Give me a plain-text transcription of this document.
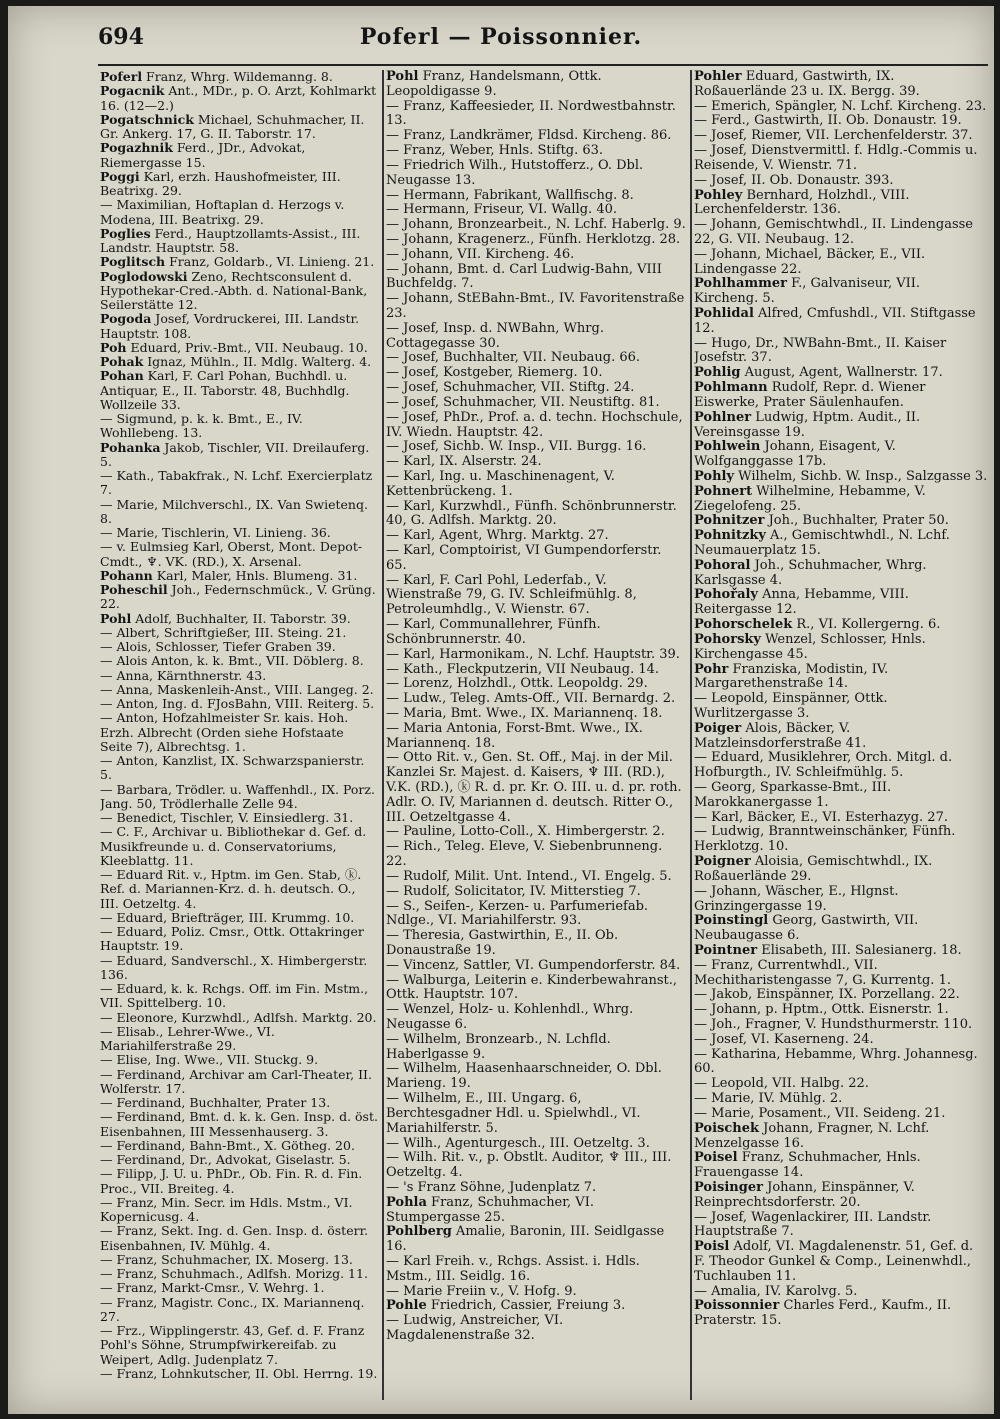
694	Poferl — Poissonnier.

Poferl Franz, Whrg. Wildemanng. 8.

Pogacnik Ant., MDr., p. O. Arzt, Kohlmarkt 16. (12—2.)

Pogatschnick Michael, Schuhmacher, II. Gr. Ankerg. 17, G. II. Taborstr. 17.

Pogazhnik Ferd., JDr., Advokat, Riemergasse 15.

Poggi Karl, erzh. Haushofmeister, III. Beatrixg. 29.

— Maximilian, Hoftaplan d. Herzogs v. Modena, III. Beatrixg. 29.

Poglies Ferd., Hauptzollamts-Assist., III. Landstr. Hauptstr. 58.

Poglitsch Franz, Goldarb., VI. Linieng. 21.

Poglodowski Zeno, Rechtsconsulent d. Hypothekar-Cred.-Abth. d. National-Bank, Seilerstätte 12.

Pogoda Josef, Vordruckerei, III. Landstr. Hauptstr. 108.

Poh Eduard, Priv.-Bmt., VII. Neubaug. 10.

Pohak Ignaz, Mühln., II. Mdlg. Walterg. 4.

Pohan Karl, F. Carl Pohan, Buchhdl. u. Antiquar, E., II. Taborstr. 48, Buchhdlg. Wollzeile 33.

— Sigmund, p. k. k. Bmt., E., IV. Wohllebeng. 13.

Pohanka Jakob, Tischler, VII. Dreilauferg. 5.

— Kath., Tabakfrak., N. Lchf. Exercierplatz 7.

— Marie, Milchverschl., IX. Van Swietenq. 8.

— Marie, Tischlerin, VI. Linieng. 36.

— v. Eulmsieg Karl, Oberst, Mont. Depot-Cmdt., ♆. VK. (RD.), X. Arsenal.

Pohann Karl, Maler, Hnls. Blumeng. 31.

Poheschil Joh., Federnschmück., V. Grüng. 22.

Pohl Adolf, Buchhalter, II. Taborstr. 39.

— Albert, Schriftgießer, III. Steing. 21.

— Alois, Schlosser, Tiefer Graben 39.

— Alois Anton, k. k. Bmt., VII. Döblerg. 8.

— Anna, Kärnthnerstr. 43.

— Anna, Maskenleih-Anst., VIII. Langeg. 2.

— Anton, Ing. d. FJosBahn, VIII. Reiterg. 5.

— Anton, Hofzahlmeister Sr. kais. Hoh. Erzh. Albrecht (Orden siehe Hofstaate Seite 7), Albrechtsg. 1.

— Anton, Kanzlist, IX. Schwarzspanierstr. 5.

— Barbara, Trödler. u. Waffenhdl., IX. Porz. Jang. 50, Trödlerhalle Zelle 94.

— Benedict, Tischler, V. Einsiedlerg. 31.

— C. F., Archivar u. Bibliothekar d. Gef. d. Musikfreunde u. d. Conservatoriums, Kleeblattg. 11.

— Eduard Rit. v., Hptm. im Gen. Stab, ⓚ. Ref. d. Mariannen-Krz. d. h. deutsch. O., III. Oetzeltg. 4.

— Eduard, Briefträger, III. Krummg. 10.

— Eduard, Poliz. Cmsr., Ottk. Ottakringer Hauptstr. 19.

— Eduard, Sandverschl., X. Himbergerstr. 136.

— Eduard, k. k. Rchgs. Off. im Fin. Mstm., VII. Spittelberg. 10.

— Eleonore, Kurzwhdl., Adlfsh. Marktg. 20.

— Elisab., Lehrer-Wwe., VI. Mariahilferstraße 29.

— Elise, Ing. Wwe., VII. Stuckg. 9.

— Ferdinand, Archivar am Carl-Theater, II. Wolferstr. 17.

— Ferdinand, Buchhalter, Prater 13.

— Ferdinand, Bmt. d. k. k. Gen. Insp. d. öst. Eisenbahnen, III Messenhauserg. 3.

— Ferdinand, Bahn-Bmt., X. Götheg. 20.

— Ferdinand, Dr., Advokat, Giselastr. 5.

— Filipp, J. U. u. PhDr., Ob. Fin. R. d. Fin. Proc., VII. Breiteg. 4.

— Franz, Min. Secr. im Hdls. Mstm., VI. Kopernicusg. 4.

— Franz, Sekt. Ing. d. Gen. Insp. d. österr. Eisenbahnen, IV. Mühlg. 4.

— Franz, Schuhmacher, IX. Moserg. 13.

— Franz, Schuhmach., Adlfsh. Morizg. 11.

— Franz, Markt-Cmsr., V. Wehrg. 1.

— Franz, Magistr. Conc., IX. Mariannenq. 27.

— Frz., Wipplingerstr. 43, Gef. d. F. Franz Pohl's Söhne, Strumpfwirkereifab. zu Weipert, Adlg. Judenplatz 7.

— Franz, Lohnkutscher, II. Obl. Herrng. 19.

Pohl Franz, Handelsmann, Ottk. Leopoldigasse 9.

— Franz, Kaffeesieder, II. Nordwestbahnstr. 13.

— Franz, Landkrämer, Fldsd. Kircheng. 86.

— Franz, Weber, Hnls. Stiftg. 63.

— Friedrich Wilh., Hutstofferz., O. Dbl. Neugasse 13.

— Hermann, Fabrikant, Wallfischg. 8.

— Hermann, Friseur, VI. Wallg. 40.

— Johann, Bronzearbeit., N. Lchf. Haberlg. 9.

— Johann, Kragenerz., Fünfh. Herklotzg. 28.

— Johann, VII. Kircheng. 46.

— Johann, Bmt. d. Carl Ludwig-Bahn, VIII Buchfeldg. 7.

— Johann, StEBahn-Bmt., IV. Favoritenstraße 23.

— Josef, Insp. d. NWBahn, Whrg. Cottagegasse 30.

— Josef, Buchhalter, VII. Neubaug. 66.

— Josef, Kostgeber, Riemerg. 10.

— Josef, Schuhmacher, VII. Stiftg. 24.

— Josef, Schuhmacher, VII. Neustiftg. 81.

— Josef, PhDr., Prof. a. d. techn. Hochschule, IV. Wiedn. Hauptstr. 42.

— Josef, Sichb. W. Insp., VII. Burgg. 16.

— Karl, IX. Alserstr. 24.

— Karl, Ing. u. Maschinenagent, V. Kettenbrückeng. 1.

— Karl, Kurzwhdl., Fünfh. Schönbrunnerstr. 40, G. Adlfsh. Marktg. 20.

— Karl, Agent, Whrg. Marktg. 27.

— Karl, Comptoirist, VI Gumpendorferstr. 65.

— Karl, F. Carl Pohl, Lederfab., V. Wienstraße 79, G. IV. Schleifmühlg. 8, Petroleumhdlg., V. Wienstr. 67.

— Karl, Communallehrer, Fünfh. Schönbrunnerstr. 40.

— Karl, Harmonikam., N. Lchf. Hauptstr. 39.

— Kath., Fleckputzerin, VII Neubaug. 14.

— Lorenz, Holzhdl., Ottk. Leopoldg. 29.

— Ludw., Teleg. Amts-Off., VII. Bernardg. 2.

— Maria, Bmt. Wwe., IX. Mariannenq. 18.

— Maria Antonia, Forst-Bmt. Wwe., IX. Mariannenq. 18.

— Otto Rit. v., Gen. St. Off., Maj. in der Mil. Kanzlei Sr. Majest. d. Kaisers, ♆ III. (RD.), V.K. (RD.), ⓚ R. d. pr. Kr. O. III. u. d. pr. roth. Adlr. O. IV, Mariannen d. deutsch. Ritter O., III. Oetzeltgasse 4.

— Pauline, Lotto-Coll., X. Himbergerstr. 2.

— Rich., Teleg. Eleve, V. Siebenbrunneng. 22.

— Rudolf, Milit. Unt. Intend., VI. Engelg. 5.

— Rudolf, Solicitator, IV. Mitterstieg 7.

— S., Seifen-, Kerzen- u. Parfumeriefab. Ndlge., VI. Mariahilferstr. 93.

— Theresia, Gastwirthin, E., II. Ob. Donaustraße 19.

— Vincenz, Sattler, VI. Gumpendorferstr. 84.

— Walburga, Leiterin e. Kinderbewahranst., Ottk. Hauptstr. 107.

— Wenzel, Holz- u. Kohlenhdl., Whrg. Neugasse 6.

— Wilhelm, Bronzearb., N. Lchfld. Haberlgasse 9.

— Wilhelm, Haasenhaarschneider, O. Dbl. Marieng. 19.

— Wilhelm, E., III. Ungarg. 6, Berchtesgadner Hdl. u. Spielwhdl., VI. Mariahilferstr. 5.

— Wilh., Agenturgesch., III. Oetzeltg. 3.

— Wilh. Rit. v., p. Obstlt. Auditor, ♆ III., III. Oetzeltg. 4.

— 's Franz Söhne, Judenplatz 7.

Pohla Franz, Schuhmacher, VI. Stumpergasse 25.

Pohlberg Amalie, Baronin, III. Seidlgasse 16.

— Karl Freih. v., Rchgs. Assist. i. Hdls. Mstm., III. Seidlg. 16.

— Marie Freiin v., V. Hofg. 9.

Pohle Friedrich, Cassier, Freiung 3.

— Ludwig, Anstreicher, VI. Magdalenenstraße 32.

Pohler Eduard, Gastwirth, IX. Roßauerlände 23 u. IX. Bergg. 39.

— Emerich, Spängler, N. Lchf. Kircheng. 23.

— Ferd., Gastwirth, II. Ob. Donaustr. 19.

— Josef, Riemer, VII. Lerchenfelderstr. 37.

— Josef, Dienstvermittl. f. Hdlg.-Commis u. Reisende, V. Wienstr. 71.

— Josef, II. Ob. Donaustr. 393.

Pohley Bernhard, Holzhdl., VIII. Lerchenfelderstr. 136.

— Johann, Gemischtwhdl., II. Lindengasse 22, G. VII. Neubaug. 12.

— Johann, Michael, Bäcker, E., VII. Lindengasse 22.

Pohlhammer F., Galvaniseur, VII. Kircheng. 5.

Pohlidal Alfred, Cmfushdl., VII. Stiftgasse 12.

— Hugo, Dr., NWBahn-Bmt., II. Kaiser Josefstr. 37.

Pohlig August, Agent, Wallnerstr. 17.

Pohlmann Rudolf, Repr. d. Wiener Eiswerke, Prater Säulenhaufen.

Pohlner Ludwig, Hptm. Audit., II. Vereinsgasse 19.

Pohlwein Johann, Eisagent, V. Wolfganggasse 17b.

Pohly Wilhelm, Sichb. W. Insp., Salzgasse 3.

Pohnert Wilhelmine, Hebamme, V. Ziegelofeng. 25.

Pohnitzer Joh., Buchhalter, Prater 50.

Pohnitzky A., Gemischtwhdl., N. Lchf. Neumauerplatz 15.

Pohoral Joh., Schuhmacher, Whrg. Karlsgasse 4.

Pohořaly Anna, Hebamme, VIII. Reitergasse 12.

Pohorschelek R., VI. Kollergerng. 6.

Pohorsky Wenzel, Schlosser, Hnls. Kirchengasse 45.

Pohr Franziska, Modistin, IV. Margarethenstraße 14.

— Leopold, Einspänner, Ottk. Wurlitzergasse 3.

Poiger Alois, Bäcker, V. Matzleinsdorferstraße 41.

— Eduard, Musiklehrer, Orch. Mitgl. d. Hofburgth., IV. Schleifmühlg. 5.

— Georg, Sparkasse-Bmt., III. Marokkanergasse 1.

— Karl, Bäcker, E., VI. Esterhazyg. 27.

— Ludwig, Branntweinschänker, Fünfh. Herklotzg. 10.

Poigner Aloisia, Gemischtwhdl., IX. Roßauerlände 29.

— Johann, Wäscher, E., Hlgnst. Grinzingergasse 19.

Poinstingl Georg, Gastwirth, VII. Neubaugasse 6.

Pointner Elisabeth, III. Salesianerg. 18.

— Franz, Currentwhdl., VII. Mechitharistengasse 7, G. Kurrentg. 1.

— Jakob, Einspänner, IX. Porzellang. 22.

— Johann, p. Hptm., Ottk. Eisnerstr. 1.

— Joh., Fragner, V. Hundsthurmerstr. 110.

— Josef, VI. Kaserneng. 24.

— Katharina, Hebamme, Whrg. Johannesg. 60.

— Leopold, VII. Halbg. 22.

— Marie, IV. Mühlg. 2.

— Marie, Posament., VII. Seideng. 21.

Poischek Johann, Fragner, N. Lchf. Menzelgasse 16.

Poisel Franz, Schuhmacher, Hnls. Frauengasse 14.

Poisinger Johann, Einspänner, V. Reinprechtsdorferstr. 20.

— Josef, Wagenlackirer, III. Landstr. Hauptstraße 7.

Poisl Adolf, VI. Magdalenenstr. 51, Gef. d. F. Theodor Gunkel & Comp., Leinenwhdl., Tuchlauben 11.

— Amalia, IV. Karolvg. 5.

Poissonnier Charles Ferd., Kaufm., II. Praterstr. 15.
